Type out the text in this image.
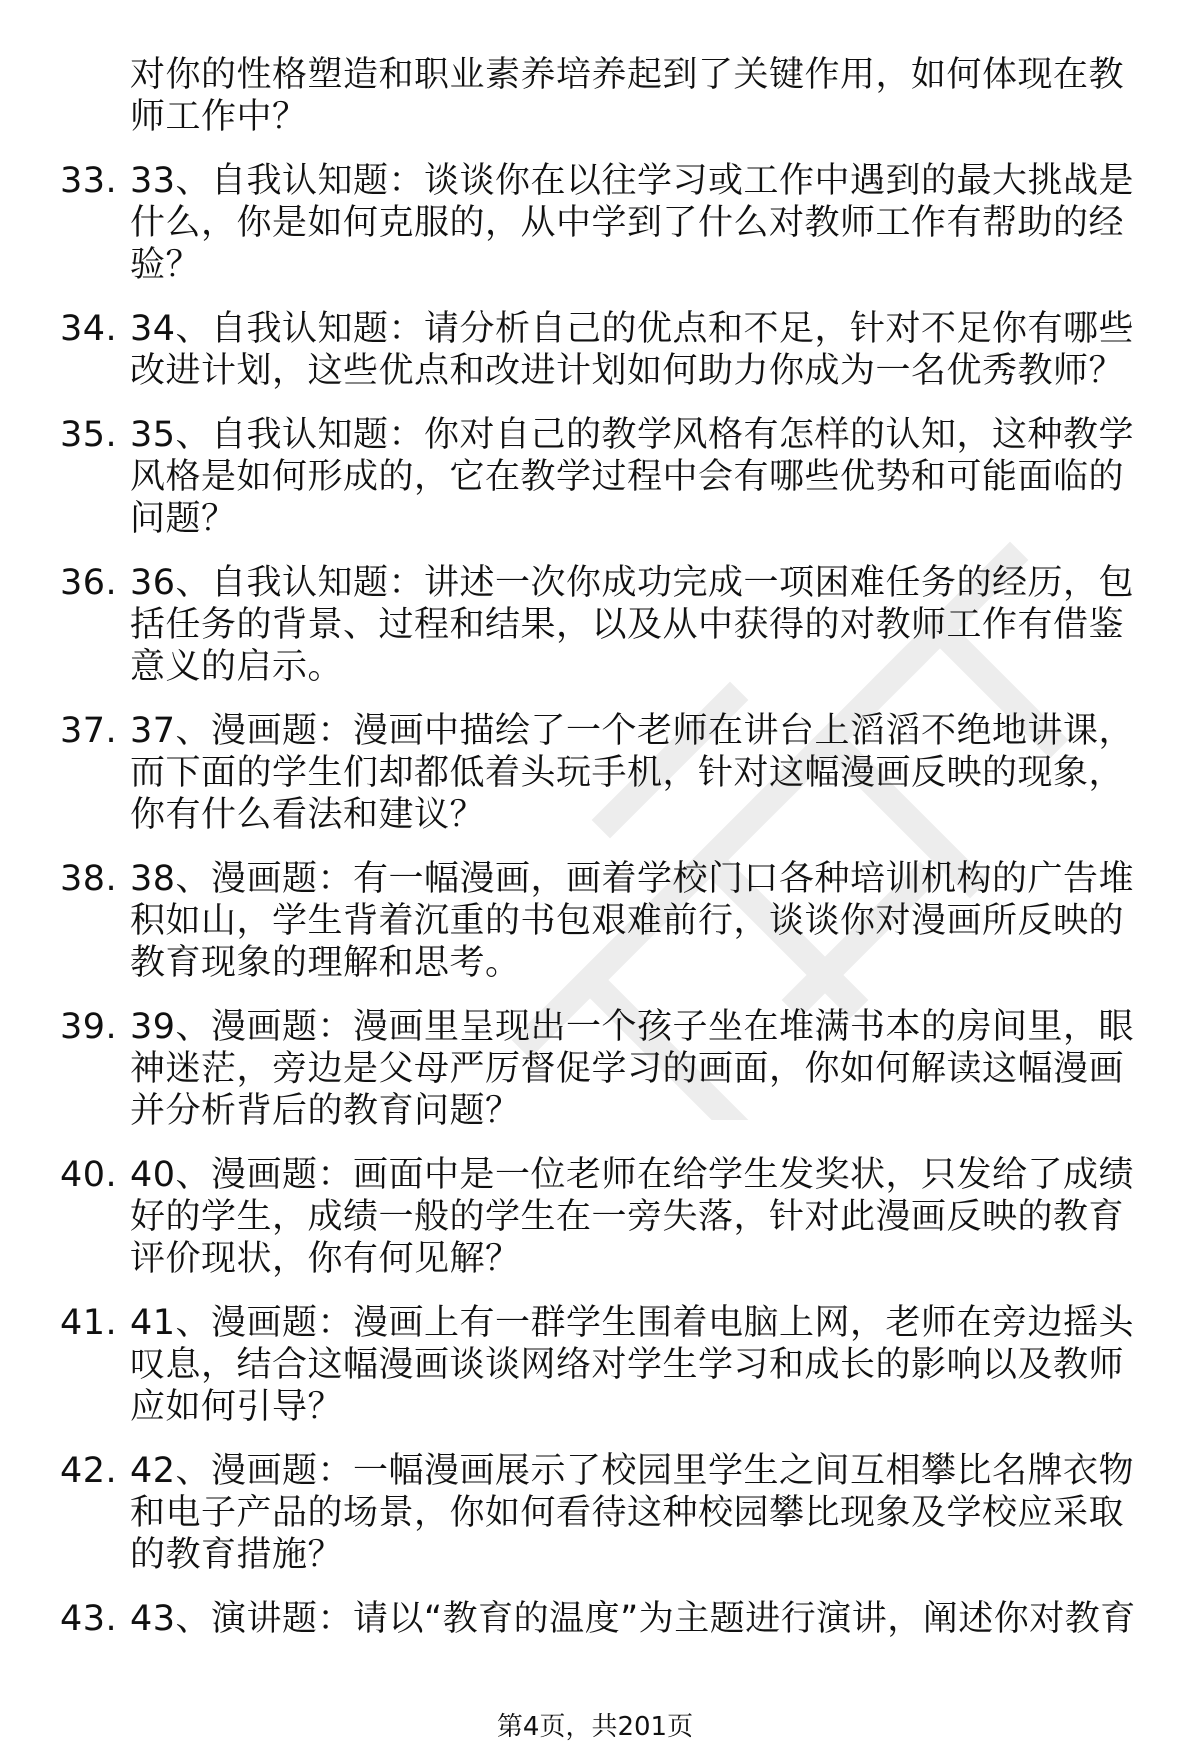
对你的性格塑造和职业素养培养起到了关键作用，如何体现在教师工作中？
33. 33、自我认知题：谈谈你在以往学习或工作中遇到的最大挑战是什么，你是如何克服的，从中学到了什么对教师工作有帮助的经验？
34. 34、自我认知题：请分析自己的优点和不足，针对不足你有哪些改进计划，这些优点和改进计划如何助力你成为一名优秀教师？
35. 35、自我认知题：你对自己的教学风格有怎样的认知，这种教学风格是如何形成的，它在教学过程中会有哪些优势和可能面临的问题？
36. 36、自我认知题：讲述一次你成功完成一项困难任务的经历，包括任务的背景、过程和结果，以及从中获得的对教师工作有借鉴意义的启示。
37. 37、漫画题：漫画中描绘了一个老师在讲台上滔滔不绝地讲课，而下面的学生们却都低着头玩手机，针对这幅漫画反映的现象，你有什么看法和建议？
38. 38、漫画题：有一幅漫画，画着学校门口各种培训机构的广告堆积如山，学生背着沉重的书包艰难前行，谈谈你对漫画所反映的教育现象的理解和思考。
39. 39、漫画题：漫画里呈现出一个孩子坐在堆满书本的房间里，眼神迷茫，旁边是父母严厉督促学习的画面，你如何解读这幅漫画并分析背后的教育问题？
40. 40、漫画题：画面中是一位老师在给学生发奖状，只发给了成绩好的学生，成绩一般的学生在一旁失落，针对此漫画反映的教育评价现状，你有何见解？
41. 41、漫画题：漫画上有一群学生围着电脑上网，老师在旁边摇头叹息，结合这幅漫画谈谈网络对学生学习和成长的影响以及教师应如何引导？
42. 42、漫画题：一幅漫画展示了校园里学生之间互相攀比名牌衣物和电子产品的场景，你如何看待这种校园攀比现象及学校应采取的教育措施？
43. 43、演讲题：请以“教育的温度”为主题进行演讲，阐述你对教育
第4页，共201页
